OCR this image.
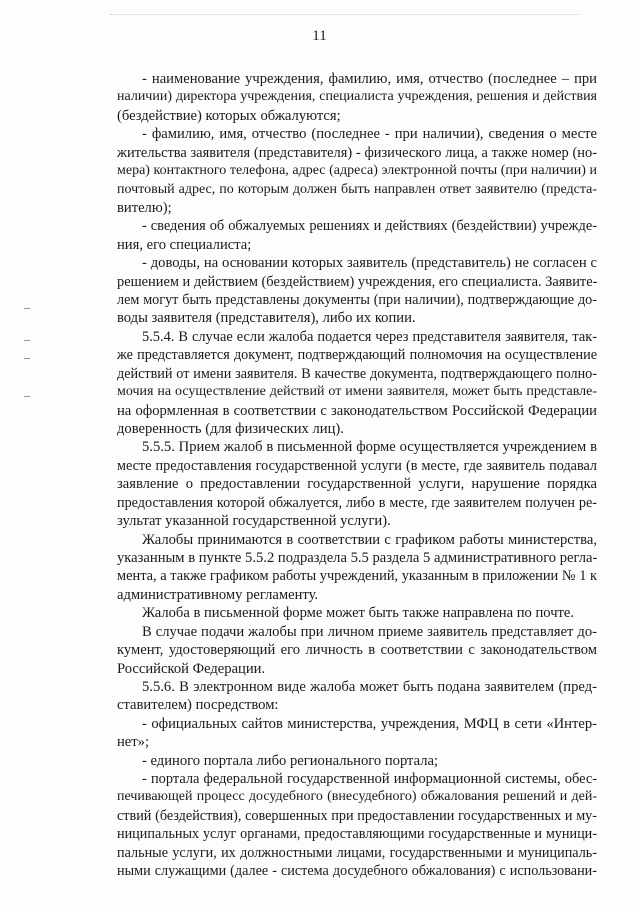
11
- наименование учреждения, фамилию, имя, отчество (последнее – при
наличии) директора учреждения, специалиста учреждения, решения и действия
(бездействие) которых обжалуются;
- фамилию, имя, отчество (последнее - при наличии), сведения о месте
жительства заявителя (представителя) - физического лица, а также номер (но-
мера) контактного телефона, адрес (адреса) электронной почты (при наличии) и
почтовый адрес, по которым должен быть направлен ответ заявителю (предста-
вителю);
- сведения об обжалуемых решениях и действиях (бездействии) учрежде-
ния, его специалиста;
- доводы, на основании которых заявитель (представитель) не согласен с
решением и действием (бездействием) учреждения, его специалиста. Заявите-
лем могут быть представлены документы (при наличии), подтверждающие до-
воды заявителя (представителя), либо их копии.
5.5.4. В случае если жалоба подается через представителя заявителя, так-
же представляется документ, подтверждающий полномочия на осуществление
действий от имени заявителя. В качестве документа, подтверждающего полно-
мочия на осуществление действий от имени заявителя, может быть представле-
на оформленная в соответствии с законодательством Российской Федерации
доверенность (для физических лиц).
5.5.5. Прием жалоб в письменной форме осуществляется учреждением в
месте предоставления государственной услуги (в месте, где заявитель подавал
заявление о предоставлении государственной услуги, нарушение порядка
предоставления которой обжалуется, либо в месте, где заявителем получен ре-
зультат указанной государственной услуги).
Жалобы принимаются в соответствии с графиком работы министерства,
указанным в пункте 5.5.2 подраздела 5.5 раздела 5 административного регла-
мента, а также графиком работы учреждений, указанным в приложении № 1 к
административному регламенту.
Жалоба в письменной форме может быть также направлена по почте.
В случае подачи жалобы при личном приеме заявитель представляет до-
кумент, удостоверяющий его личность в соответствии с законодательством
Российской Федерации.
5.5.6. В электронном виде жалоба может быть подана заявителем (пред-
ставителем) посредством:
- официальных сайтов министерства, учреждения, МФЦ в сети «Интер-
нет»;
- единого портала либо регионального портала;
- портала федеральной государственной информационной системы, обес-
печивающей процесс досудебного (внесудебного) обжалования решений и дей-
ствий (бездействия), совершенных при предоставлении государственных и му-
ниципальных услуг органами, предоставляющими государственные и муници-
пальные услуги, их должностными лицами, государственными и муниципаль-
ными служащими (далее - система досудебного обжалования) с использовани-
